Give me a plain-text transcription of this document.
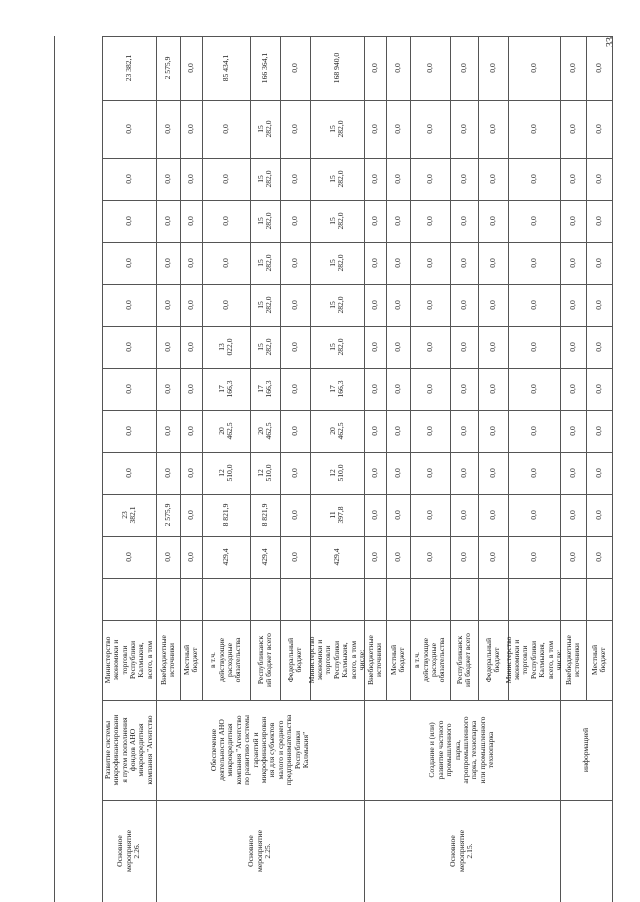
33
информацией
Местный
бюджет
0,0
0,0
0,0
0,0
0,0
0,0
0,0
0,0
0,0
0,0
0,0
0,0
Внебюджетные
источники
0,0
0,0
0,0
0,0
0,0
0,0
0,0
0,0
0,0
0,0
0,0
0,0
Основное
мероприятие
2.15.
Создание и (или)
развитие частного
промышленного
парка,
агропромышленного
парка, технопарка
или промышленного
технопарка
Министерство
экономики и
торговли
Республики
Калмыкия,
всего, в том
числе:
0,0
0,0
0,0
0,0
0,0
0,0
0,0
0,0
0,0
0,0
0,0
0,0
Федеральный
бюджет
0,0
0,0
0,0
0,0
0,0
0,0
0,0
0,0
0,0
0,0
0,0
0,0
Республиканск
ий бюджет всего
0,0
0,0
0,0
0,0
0,0
0,0
0,0
0,0
0,0
0,0
0,0
0,0
в т.ч.
действующие
расходные
обязательства
0,0
0,0
0,0
0,0
0,0
0,0
0,0
0,0
0,0
0,0
0,0
0,0
Местный
бюджет
0,0
0,0
0,0
0,0
0,0
0,0
0,0
0,0
0,0
0,0
0,0
0,0
Внебюджетные
источники
0,0
0,0
0,0
0,0
0,0
0,0
0,0
0,0
0,0
0,0
0,0
0,0
Основное
мероприятие
2.25.
Обеспечение
деятельности АНО
микрокредитная
компания "Агентство
по развитию системы
гарантий и
микрофинансирован
ия для субъектов
малого и среднего
предпринимательства
Республики
Калмыкия"
Министерство
экономики и
торговли
Республики
Калмыкия,
всего, в том
числе:
429,4
11
397,8
12
510,0
20
462,5
17
166,3
15
282,0
15
282,0
15
282,0
15
282,0
15
282,0
15
282,0
168 940,0
Федеральный
бюджет
0,0
0,0
0,0
0,0
0,0
0,0
0,0
0,0
0,0
0,0
0,0
0,0
Республиканск
ий бюджет всего
429,4
8 821,9
12
510,0
20
462,5
17
166,3
15
282,0
15
282,0
15
282,0
15
282,0
15
282,0
15
282,0
166 364,1
в т.ч.
действующие
расходные
обязательства
429,4
8 821,9
12
510,0
20
462,5
17
166,3
13
022,0
0,0
0,0
0,0
0,0
0,0
85 434,1
Местный
бюджет
0,0
0,0
0,0
0,0
0,0
0,0
0,0
0,0
0,0
0,0
0,0
0,0
Внебюджетные
источники
0,0
2 575,9
0,0
0,0
0,0
0,0
0,0
0,0
0,0
0,0
0,0
2 575,9
Основное
мероприятие
2.26.
Развитие системы
микрофинансировани
я путем пополнения
фондов АНО
микрокредитная
компания "Агентство
Министерство
экономики и
торговли
Республики
Калмыкия,
всего, в том
0,0
23
382,1
0,0
0,0
0,0
0,0
0,0
0,0
0,0
0,0
0,0
23 382,1
